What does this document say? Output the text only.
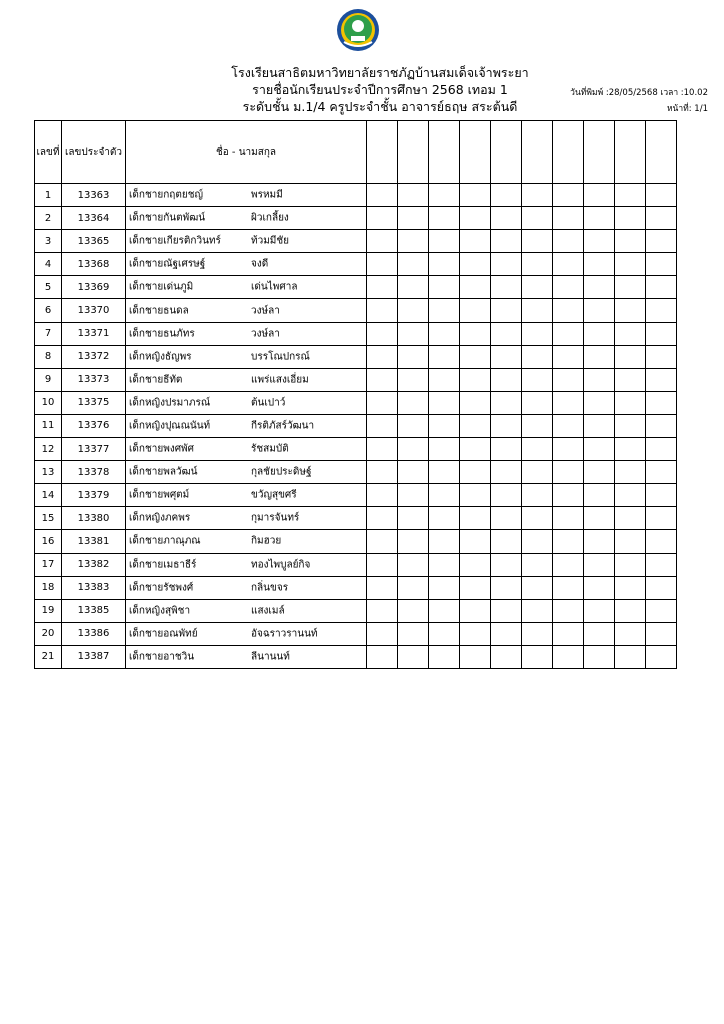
โรงเรียนสาธิตมหาวิทยาลัยราชภัฏบ้านสมเด็จเจ้าพระยา
รายชื่อนักเรียนประจำปีการศึกษา 2568 เทอม 1
ระดับชั้น ม.1/4 ครูประจำชั้น อาจารย์ธฤษ สระต้นดี
วันที่พิมพ์ :28/05/2568 เวลา :10.02
หน้าที่: 1/1
เลขที่	เลขประจำตัว	ชื่อ - นามสกุล										
1	13363	เด็กชายกฤตยชญ์ พรหมมี										

2	13364	เด็กชายกันตพัฒน์ ผิวเกลี้ยง										

3	13365	เด็กชายเกียรติกวินทร์ ท้วมมีชัย										

4	13368	เด็กชายณัฐเศรษฐ์ จงดี										

5	13369	เด็กชายเด่นภูมิ เด่นไพศาล										

6	13370	เด็กชายธนดล วงษ์ลา										

7	13371	เด็กชายธนภัทร วงษ์ลา										

8	13372	เด็กหญิงธัญพร บรรโณปกรณ์										

9	13373	เด็กชายธีทัต แพร่แสงเอี่ยม										

10	13375	เด็กหญิงปรมาภรณ์ ต้นเปาว์										

11	13376	เด็กหญิงปุณณนันท์ กีรติภัสร์วัฒนา										

12	13377	เด็กชายพงศพัศ รัชสมบัติ										

13	13378	เด็กชายพลวัฒน์ กุลชัยประดิษฐ์										

14	13379	เด็กชายพศุตม์ ขวัญสุขศรี										

15	13380	เด็กหญิงภคพร กุมารจันทร์										

16	13381	เด็กชายภาณุภณ กิมฮวย										

17	13382	เด็กชายเมธาธีร์ ทองไพบูลย์กิจ										

18	13383	เด็กชายรัชพงศ์ กลิ่นขจร										

19	13385	เด็กหญิงสุพิชา แสงเมล์										

20	13386	เด็กชายอณพัทย์ อัจฉราวรานนท์										

21	13387	เด็กชายอาชวิน ลีนานนท์										
